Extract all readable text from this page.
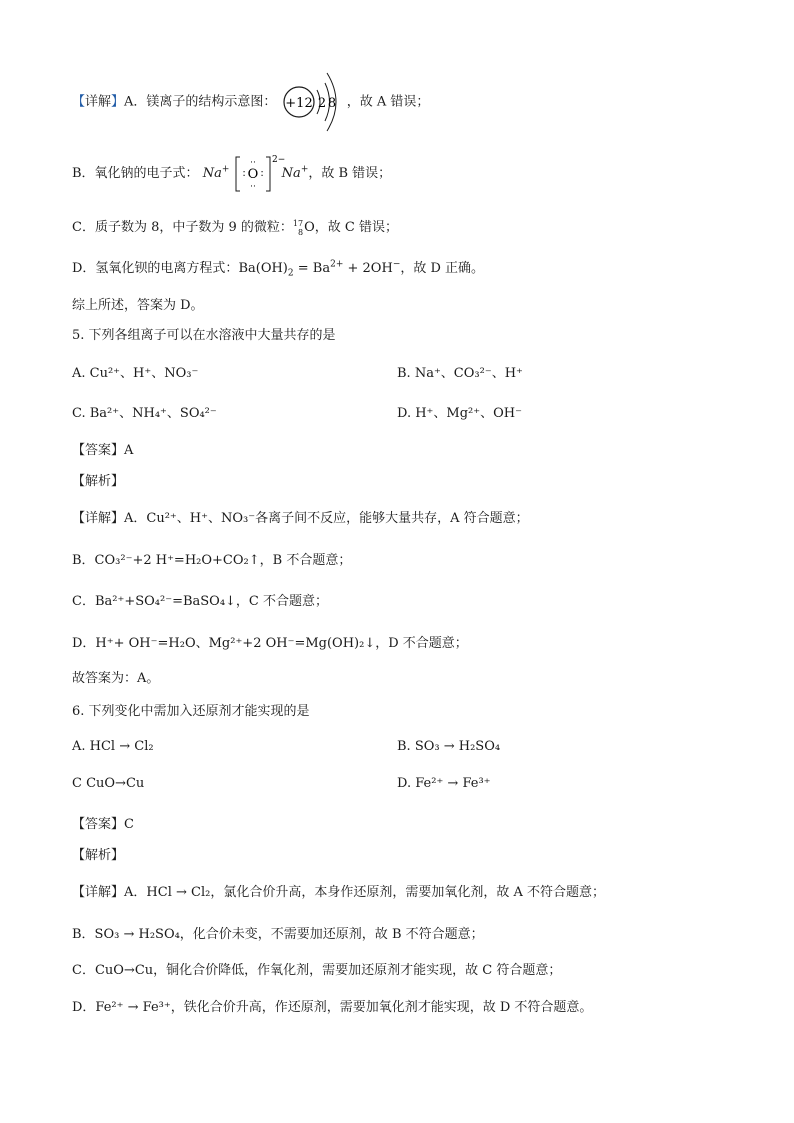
【详解】A．镁离子的结构示意图： +12 2 8 ，故 A 错误；
B．氧化钠的电子式： Na+ O
··
··
: :
2−
Na+，故 B 错误；
C．质子数为 8，中子数为 9 的微粒：17
8O，故 C 错误；
D．氢氧化钡的电离方程式：$Ba(OH)_2 = Ba^{2+} + 2OH^-$，故 D 正确。
综上所述，答案为 D。
5. 下列各组离子可以在水溶液中大量共存的是
A. Cu²⁺、H⁺、NO₃⁻	B. Na⁺、CO₃²⁻、H⁺
C. Ba²⁺、NH₄⁺、SO₄²⁻	D. H⁺、Mg²⁺、OH⁻
【答案】A
【解析】
【详解】A．Cu²⁺、H⁺、NO₃⁻各离子间不反应，能够大量共存，A 符合题意；
B．CO₃²⁻+2 H⁺=H₂O+CO₂↑，B 不合题意；
C．Ba²⁺+SO₄²⁻=BaSO₄↓，C 不合题意；
D．H⁺+ OH⁻=H₂O、Mg²⁺+2 OH⁻=Mg(OH)₂↓，D 不合题意；
故答案为：A。
6. 下列变化中需加入还原剂才能实现的是
A. HCl → Cl₂	B. SO₃ → H₂SO₄
C CuO→Cu	D. Fe²⁺ → Fe³⁺
【答案】C
【解析】
【详解】A．HCl → Cl₂，氯化合价升高，本身作还原剂，需要加氧化剂，故 A 不符合题意；
B．SO₃ → H₂SO₄，化合价未变，不需要加还原剂，故 B 不符合题意；
C．CuO→Cu，铜化合价降低，作氧化剂，需要加还原剂才能实现，故 C 符合题意；
D．Fe²⁺ → Fe³⁺，铁化合价升高，作还原剂，需要加氧化剂才能实现，故 D 不符合题意。
